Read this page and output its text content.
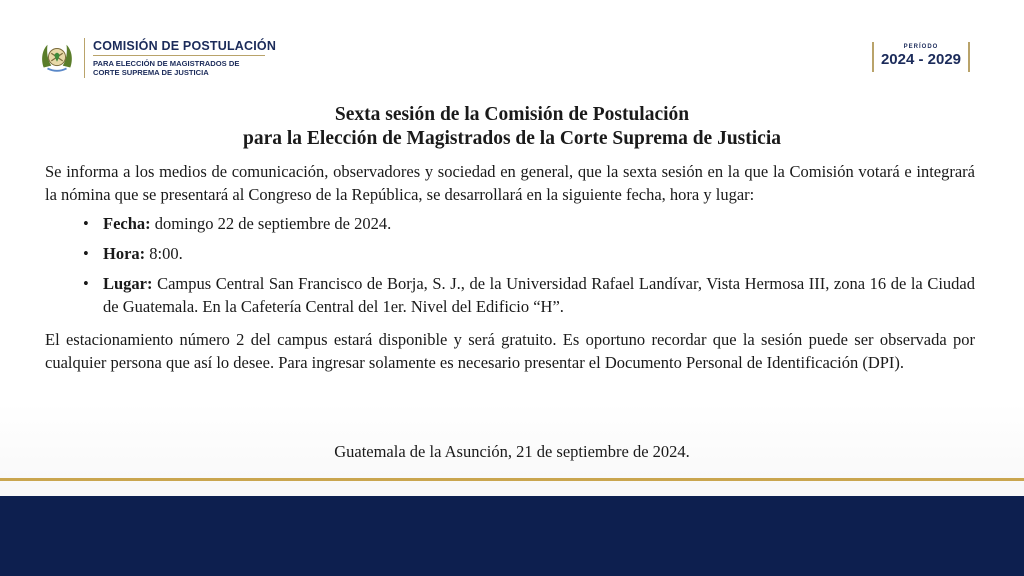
COMISIÓN DE POSTULACIÓN
PARA ELECCIÓN DE MAGISTRADOS DE
CORTE SUPREMA DE JUSTICIA
PERÍODO
2024 - 2029
Sexta sesión de la Comisión de Postulación
para la Elección de Magistrados de la Corte Suprema de Justicia

Se informa a los medios de comunicación, observadores y sociedad en general, que la sexta sesión en la que la Comisión votará e integrará la nómina que se presentará al Congreso de la República, se desarrollará en la siguiente fecha, hora y lugar:

• Fecha: domingo 22 de septiembre de 2024.
• Hora: 8:00.
• Lugar: Campus Central San Francisco de Borja, S. J., de la Universidad Rafael Landívar, Vista Hermosa III, zona 16 de la Ciudad de Guatemala. En la Cafetería Central del 1er. Nivel del Edificio “H”.

El estacionamiento número 2 del campus estará disponible y será gratuito. Es oportuno recordar que la sesión puede ser observada por cualquier persona que así lo desee. Para ingresar solamente es necesario presentar el Documento Personal de Identificación (DPI).

Guatemala de la Asunción, 21 de septiembre de 2024.
